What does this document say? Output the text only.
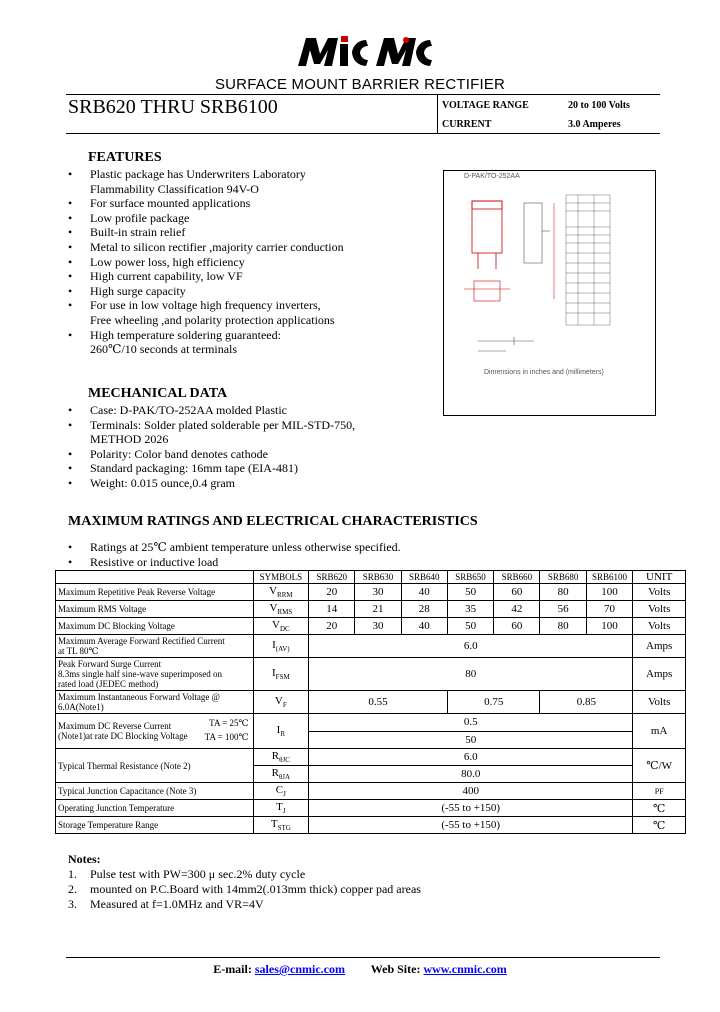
SURFACE MOUNT BARRIER RECTIFIER
SRB620 THRU SRB6100	VOLTAGE RANGE	20 to 100 Volts
CURRENT	3.0 Amperes
FEATURES
•	Plastic package has Underwriters Laboratory
Flammability Classification 94V-O
•	For surface mounted applications
•	Low profile package
•	Built-in strain relief
•	Metal to silicon rectifier ,majority carrier conduction
•	Low power loss, high efficiency
•	High current capability, low VF
•	High surge capacity
•	For use in low voltage high frequency inverters,
Free wheeling ,and polarity protection applications
•	High temperature soldering guaranteed:
260℃/10 seconds at terminals
MECHANICAL DATA
•	Case: D-PAK/TO-252AA molded Plastic
•	Terminals: Solder plated solderable per MIL-STD-750,
METHOD 2026
•	Polarity: Color band denotes cathode
•	Standard packaging: 16mm tape (EIA-481)
•	Weight: 0.015 ounce,0.4 gram
D-PAK/TO-252AA
Dimensions in inches and (millimeters)
MAXIMUM RATINGS AND ELECTRICAL CHARACTERISTICS
•	Ratings at 25℃ ambient temperature unless otherwise specified.
•	Resistive or inductive load
	SYMBOLS	SRB620	SRB630	SRB640	SRB650	SRB660	SRB680	SRB6100	UNIT
Maximum Repetitive Peak Reverse Voltage	$V_{RRM}$	20	30	40	50	60	80	100	Volts
Maximum RMS Voltage	$V_{RMS}$	14	21	28	35	42	56	70	Volts
Maximum DC Blocking Voltage	$V_{DC}$	20	30	40	50	60	80	100	Volts

Maximum Average Forward Rectified Current
at TL 80℃	$I_{(AV)}$	6.0							Amps

Peak Forward Surge Current
8.3ms single half sine-wave superimposed on
rated load (JEDEC method)	$I_{FSM}$	80							Amps

Maximum Instantaneous Forward Voltage @
6.0A(Note1)	$V_F$	0.55			0.75		0.85		Volts

Maximum DC Reverse Current
(Note1)at rate DC Blocking Voltage
TA = 25℃
TA = 100℃	$I_R$	0.5							mA
		50							
Typical Thermal Resistance (Note 2)	$R_{\theta JC}$	6.0							℃/W
	$R_{\theta JA}$	80.0							
Typical Junction Capacitance (Note 3)	$C_J$	400							PF
Operating Junction Temperature	$T_J$	(-55 to +150)							℃
Storage Temperature Range	$T_{STG}$	(-55 to +150)							℃
Notes:
1.	Pulse test with PW=300 μ sec.2% duty cycle
2.	mounted on P.C.Board with 14mm2(.013mm thick) copper pad areas
3.	Measured at f=1.0MHz and VR=4V
E-mail: sales@cnmic.com Web Site: www.cnmic.com
